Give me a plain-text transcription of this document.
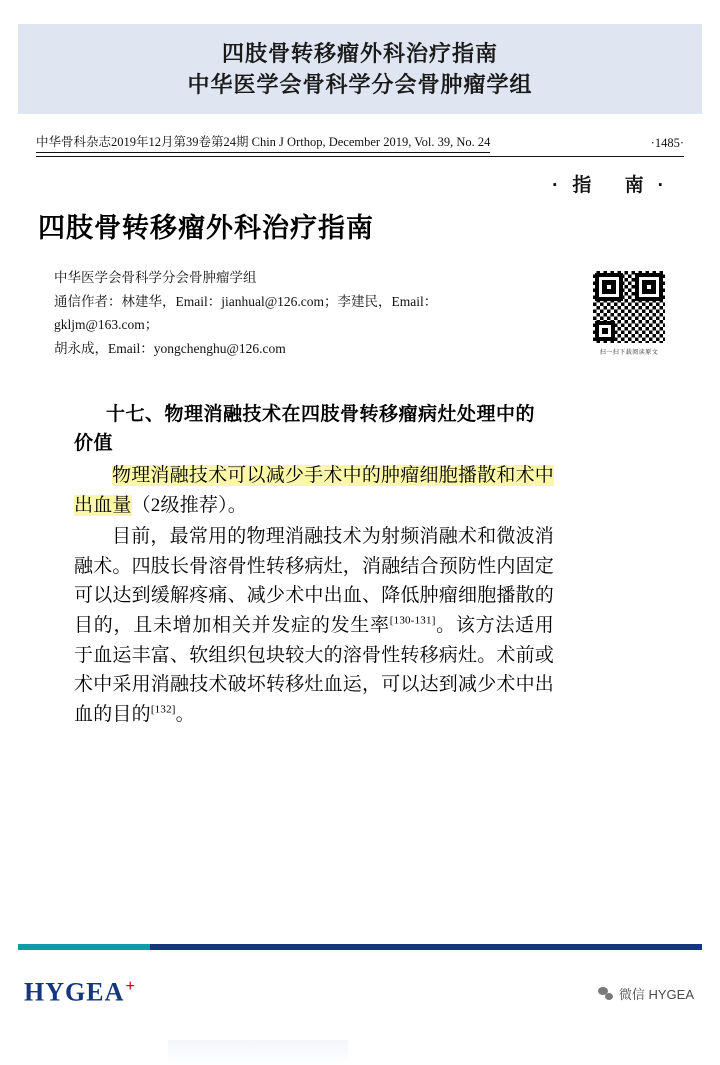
四肢骨转移瘤外科治疗指南
中华医学会骨科学分会骨肿瘤学组
中华骨科杂志2019年12月第39卷第24期 Chin J Orthop, December 2019, Vol. 39, No. 24	·1485·
·指 南·
四肢骨转移瘤外科治疗指南
中华医学会骨科学分会骨肿瘤学组
通信作者：林建华，Email：jianhual@126.com；李建民，Email：gkljm@163.com；
胡永成，Email：yongchenghu@126.com	扫一扫下载阅读原文

十七、物理消融技术在四肢骨转移瘤病灶处理中的价值

物理消融技术可以减少手术中的肿瘤细胞播散和术中出血量（2级推荐）。

目前，最常用的物理消融技术为射频消融术和微波消融术。四肢长骨溶骨性转移病灶，消融结合预防性内固定可以达到缓解疼痛、减少术中出血、降低肿瘤细胞播散的目的，且未增加相关并发症的发生率[130-131]。该方法适用于血运丰富、软组织包块较大的溶骨性转移病灶。术前或术中采用消融技术破坏转移灶血运，可以达到减少术中出血的目的[132]。

HYGEA+	微信 HYGEA
